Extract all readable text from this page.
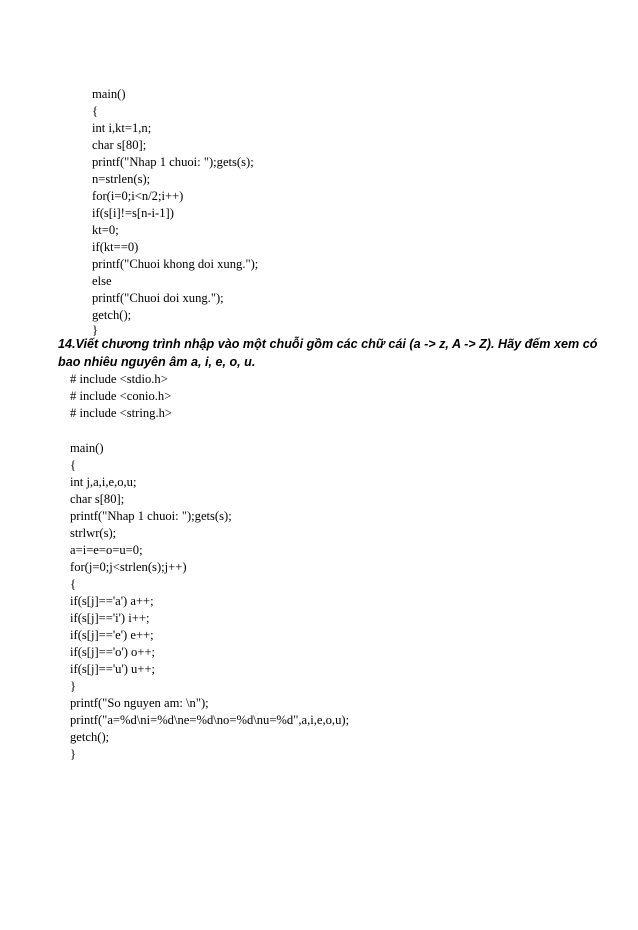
main()
{
int i,kt=1,n;
char s[80];
printf("Nhap 1 chuoi: ");gets(s);
n=strlen(s);
for(i=0;i<n/2;i++)
if(s[i]!=s[n-i-1])
kt=0;
if(kt==0)
printf("Chuoi khong doi xung.");
else
printf("Chuoi doi xung.");
getch();
}
14.Viết chương trình nhập vào một chuỗi gồm các chữ cái (a -> z, A -> Z). Hãy đếm xem có
bao nhiêu nguyên âm a, i, e, o, u.
# include <stdio.h>
# include <conio.h>
# include <string.h>
main()
{
int j,a,i,e,o,u;
char s[80];
printf("Nhap 1 chuoi: ");gets(s);
strlwr(s);
a=i=e=o=u=0;
for(j=0;j<strlen(s);j++)
{
if(s[j]=='a') a++;
if(s[j]=='i') i++;
if(s[j]=='e') e++;
if(s[j]=='o') o++;
if(s[j]=='u') u++;
}
printf("So nguyen am: \n");
printf("a=%d\ni=%d\ne=%d\no=%d\nu=%d",a,i,e,o,u);
getch();
}
